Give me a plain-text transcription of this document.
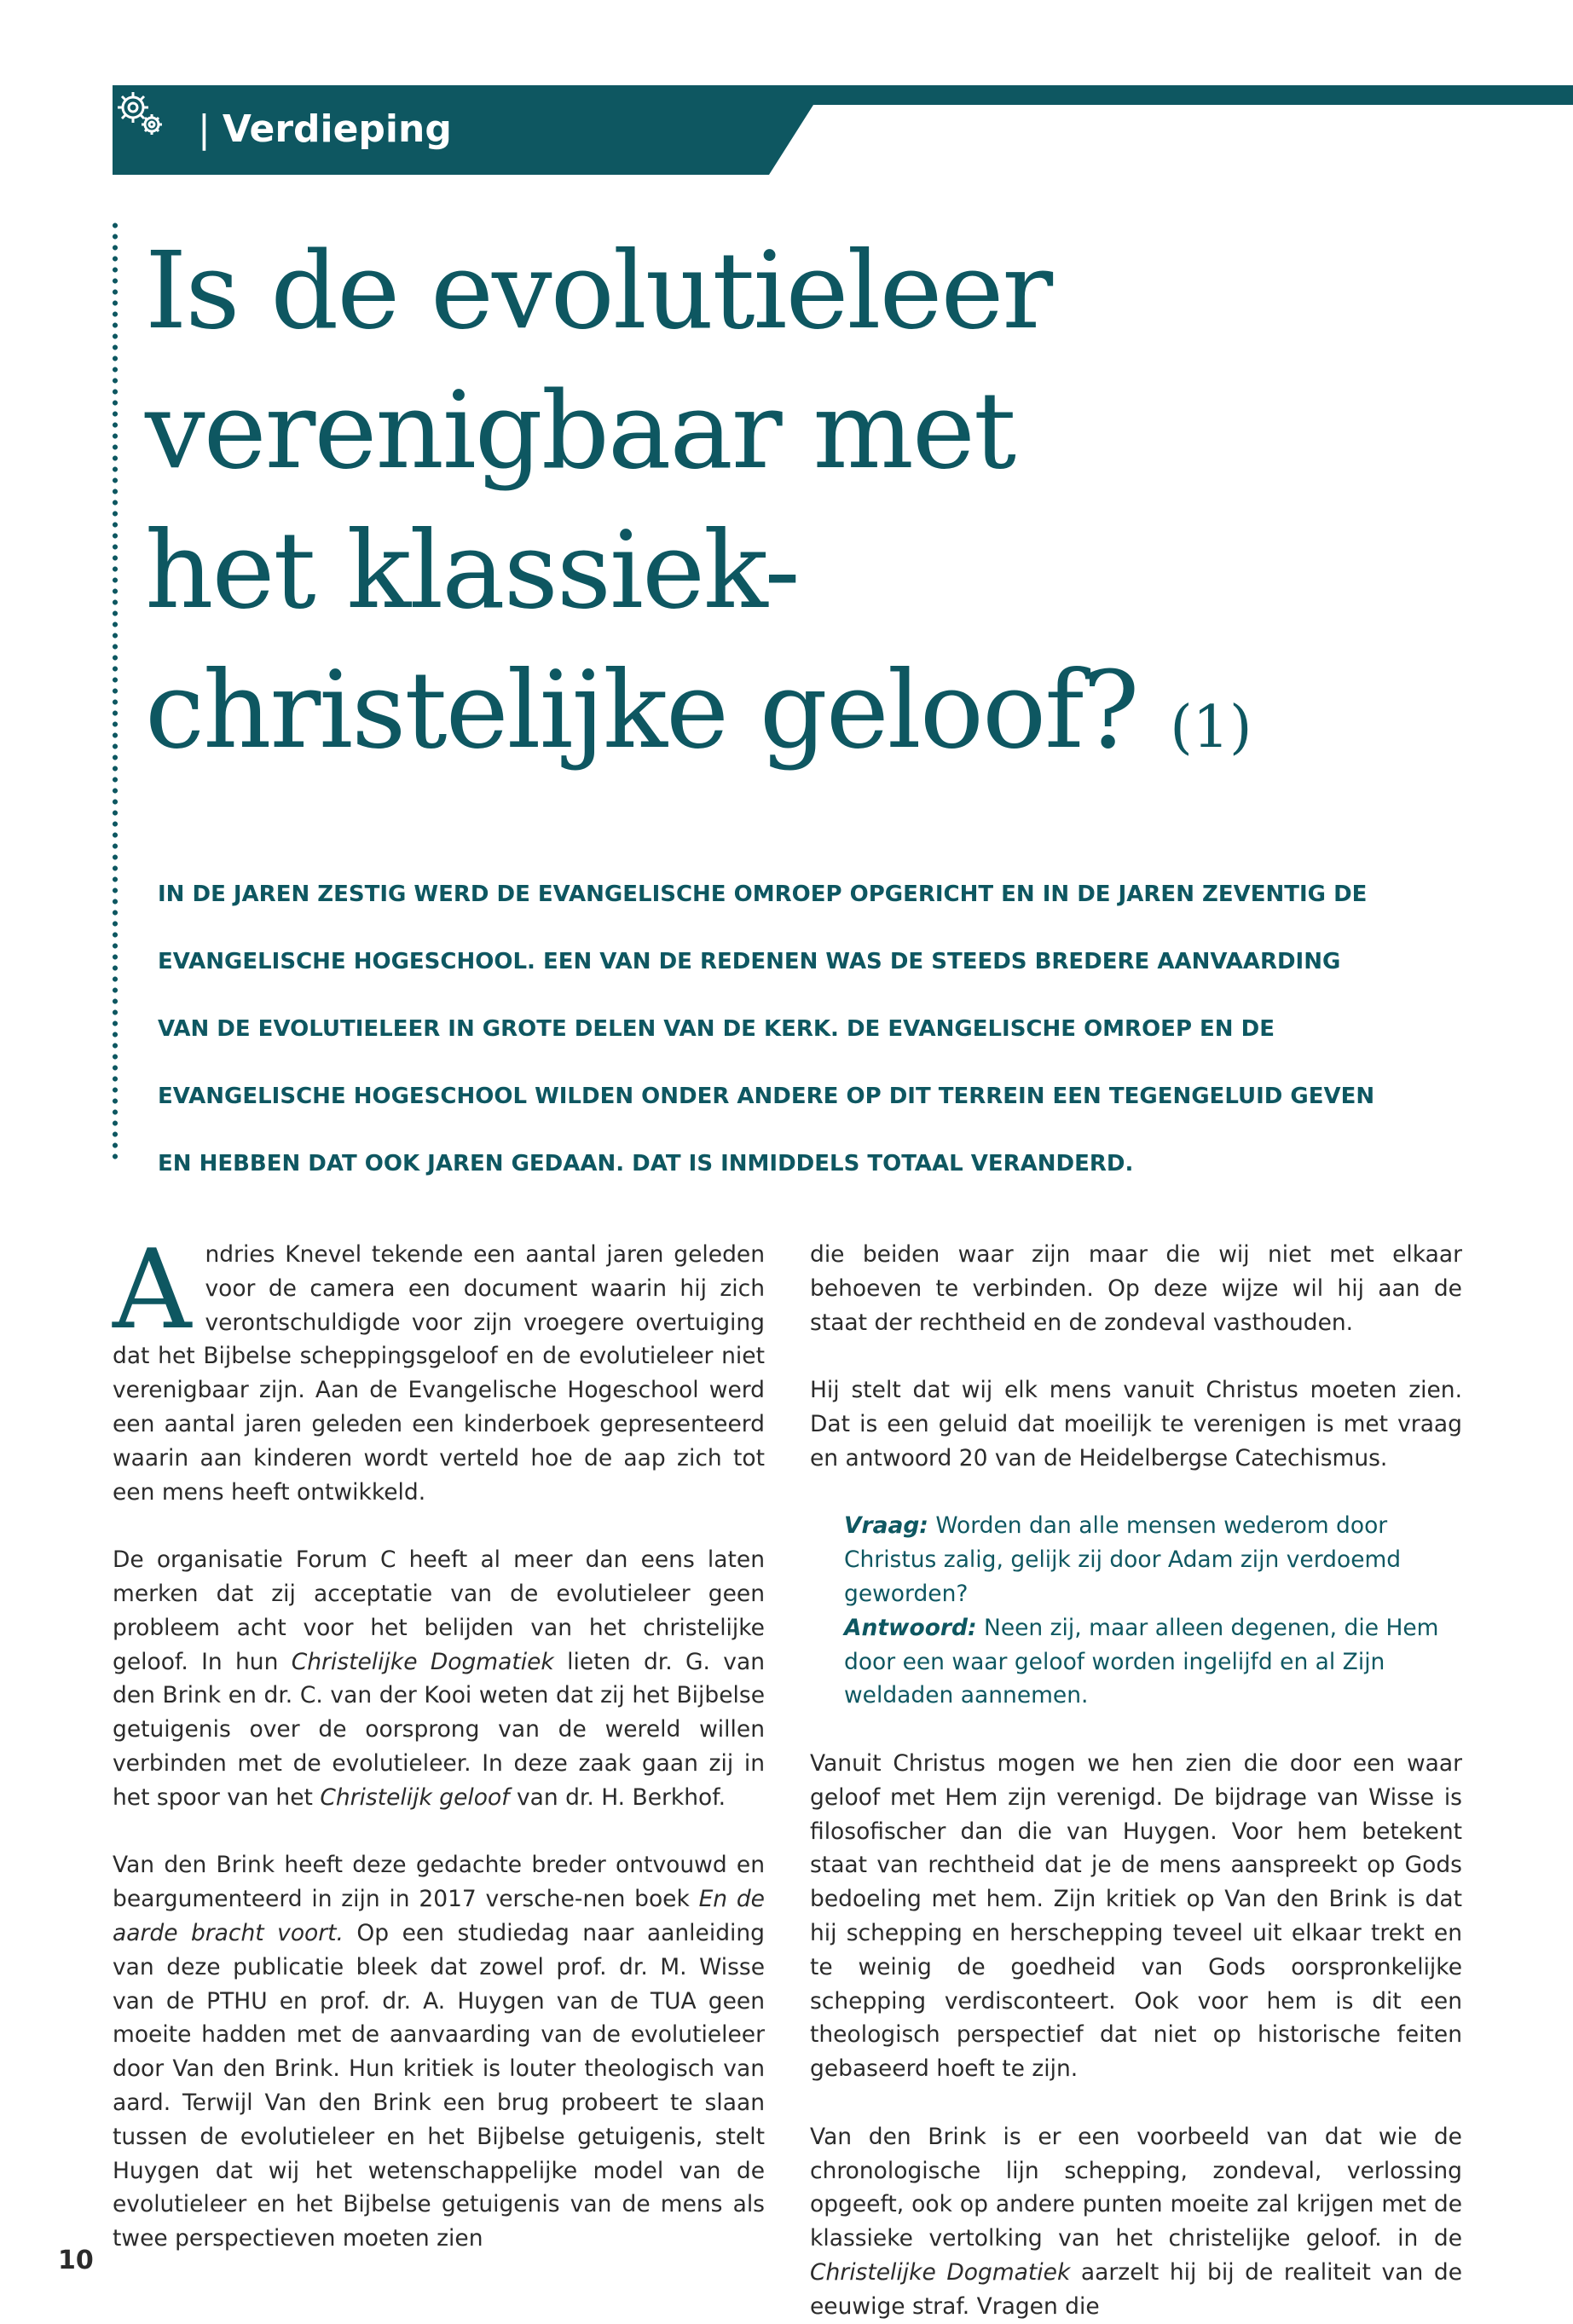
| Verdieping
Is de evolutieleer
verenigbaar met
het klassiek-
christelijke geloof? (1)

IN DE JAREN ZESTIG WERD DE EVANGELISCHE OMROEP OPGERICHT EN IN DE JAREN ZEVENTIG DE EVANGELISCHE HOGESCHOOL. EEN VAN DE REDENEN WAS DE STEEDS BREDERE AANVAARDING VAN DE EVOLUTIELEER IN GROTE DELEN VAN DE KERK. DE EVANGELISCHE OMROEP EN DE EVANGELISCHE HOGESCHOOL WILDEN ONDER ANDERE OP DIT TERREIN EEN TEGENGELUID GEVEN EN HEBBEN DAT OOK JAREN GEDAAN. DAT IS INMIDDELS TOTAAL VERANDERD.

Andries Knevel tekende een aantal jaren geleden voor de camera een document waarin hij zich verontschuldigde voor zijn vroegere overtuiging dat het Bijbelse scheppingsgeloof en de evolutieleer niet verenigbaar zijn. Aan de Evangelische Hogeschool werd een aantal jaren geleden een kinderboek gepresenteerd waarin aan kinderen wordt verteld hoe de aap zich tot een mens heeft ontwikkeld.

De organisatie Forum C heeft al meer dan eens laten merken dat zij acceptatie van de evolutieleer geen probleem acht voor het belijden van het christelijke geloof. In hun Christelijke Dogmatiek lieten dr. G. van den Brink en dr. C. van der Kooi weten dat zij het Bijbelse getuigenis over de oorsprong van de wereld willen verbinden met de evolutieleer. In deze zaak gaan zij in het spoor van het Christelijk geloof van dr. H. Berkhof.

Van den Brink heeft deze gedachte breder ontvouwd en beargumenteerd in zijn in 2017 versche-nen boek En de aarde bracht voort. Op een studiedag naar aanleiding van deze publicatie bleek dat zowel prof. dr. M. Wisse van de PTHU en prof. dr. A. Huygen van de TUA geen moeite hadden met de aanvaarding van de evolutieleer door Van den Brink. Hun kritiek is louter theologisch van aard. Terwijl Van den Brink een brug probeert te slaan tussen de evolutieleer en het Bijbelse getuigenis, stelt Huygen dat wij het wetenschappelijke model van de evolutieleer en het Bijbelse getuigenis van de mens als twee perspectieven moeten zien

die beiden waar zijn maar die wij niet met elkaar behoeven te verbinden. Op deze wijze wil hij aan de staat der rechtheid en de zondeval vasthouden.

Hij stelt dat wij elk mens vanuit Christus moeten zien. Dat is een geluid dat moeilijk te verenigen is met vraag en antwoord 20 van de Heidelbergse Catechismus.

Vraag: Worden dan alle mensen wederom door Christus zalig, gelijk zij door Adam zijn verdoemd geworden?
Antwoord: Neen zij, maar alleen degenen, die Hem door een waar geloof worden ingelijfd en al Zijn weldaden aannemen.

Vanuit Christus mogen we hen zien die door een waar geloof met Hem zijn verenigd. De bijdrage van Wisse is filosofischer dan die van Huygen. Voor hem betekent staat van rechtheid dat je de mens aanspreekt op Gods bedoeling met hem. Zijn kritiek op Van den Brink is dat hij schepping en herschepping teveel uit elkaar trekt en te weinig de goedheid van Gods oorspronkelijke schepping verdisconteert. Ook voor hem is dit een theologisch perspectief dat niet op historische feiten gebaseerd hoeft te zijn.

Van den Brink is er een voorbeeld van dat wie de chronologische lijn schepping, zondeval, verlossing opgeeft, ook op andere punten moeite zal krijgen met de klassieke vertolking van het christelijke geloof. in de Christelijke Dogmatiek aarzelt hij bij de realiteit van de eeuwige straf. Vragen die

10
